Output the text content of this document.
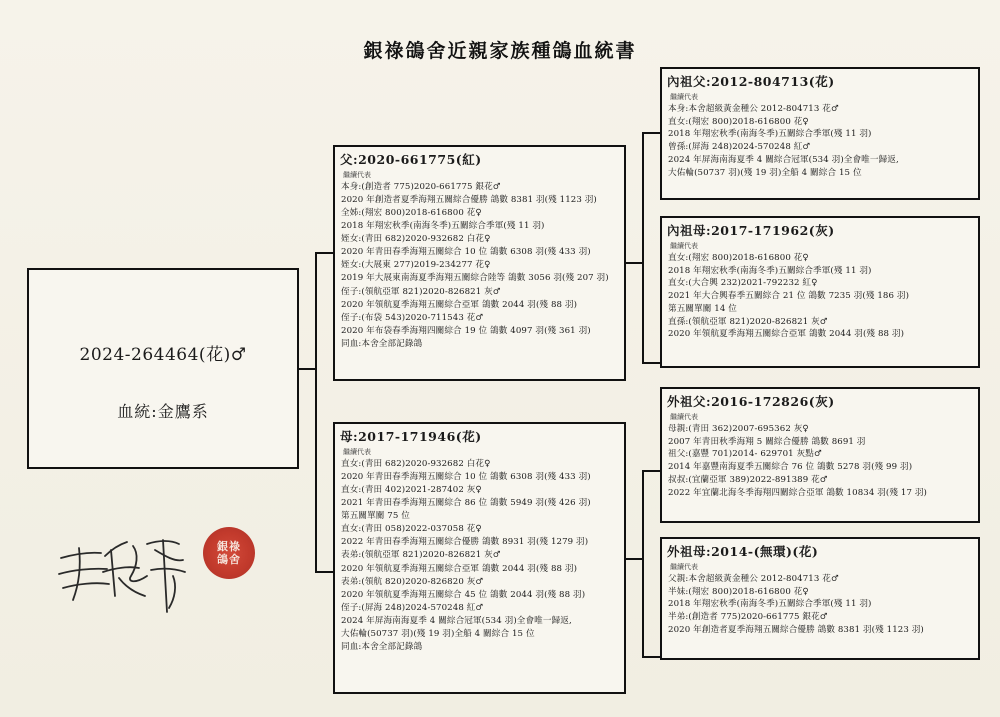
銀祿鴿舍近親家族種鴿血統書
2024-264464(花)♂
血統:金鷹系
父:2020-661775(紅)
繼續代表
本身:(創造者 775)2020-661775 銀花♂
2020 年創造者夏季海翔五關綜合優勝 鴿數 8381 羽(殘 1123 羽)
全姊:(翔宏 800)2018-616800 花♀
2018 年翔宏秋季(南海冬季)五關綜合季軍(殘 11 羽)
姪女:(青田 682)2020-932682 白花♀
2020 年青田春季海翔五關綜合 10 位 鴿數 6308 羽(殘 433 羽)
姪女:(大展東 277)2019-234277 花♀
2019 年大展東南海夏季海翔五關綜合陸等 鴿數 3056 羽(殘 207 羽)
侄子:(領航亞軍 821)2020-826821 灰♂
2020 年領航夏季海翔五關綜合亞軍 鴿數 2044 羽(殘 88 羽)
侄子:(布袋 543)2020-711543 花♂
2020 年布袋春季海翔四關綜合 19 位 鴿數 4097 羽(殘 361 羽)
同血:本舍全部記錄鴿
母:2017-171946(花)
繼續代表
直女:(青田 682)2020-932682 白花♀
2020 年青田春季海翔五關綜合 10 位 鴿數 6308 羽(殘 433 羽)
直女:(青田 402)2021-287402 灰♀
2021 年青田春季海翔五關綜合 86 位 鴿數 5949 羽(殘 426 羽)
第五關單關 75 位
直女:(青田 058)2022-037058 花♀
2022 年青田春季海翔五關綜合優勝 鴿數 8931 羽(殘 1279 羽)
表弟:(領航亞軍 821)2020-826821 灰♂
2020 年領航夏季海翔五關綜合亞軍 鴿數 2044 羽(殘 88 羽)
表弟:(領航 820)2020-826820 灰♂
2020 年領航夏季海翔五關綜合 45 位 鴿數 2044 羽(殘 88 羽)
侄子:(屏海 248)2024-570248 紅♂
2024 年屏海南海夏季 4 關綜合冠軍(534 羽)全會唯一歸返,
大佑輪(50737 羽)(殘 19 羽)全船 4 關綜合 15 位
同血:本舍全部記錄鴿
內祖父:2012-804713(花)
繼續代表
本身:本舍超級黃金種公 2012-804713 花♂
直女:(翔宏 800)2018-616800 花♀
2018 年翔宏秋季(南海冬季)五關綜合季軍(殘 11 羽)
曾孫:(屏海 248)2024-570248 紅♂
2024 年屏海南海夏季 4 關綜合冠軍(534 羽)全會唯一歸返,
大佑輪(50737 羽)(殘 19 羽)全船 4 關綜合 15 位
內祖母:2017-171962(灰)
繼續代表
直女:(翔宏 800)2018-616800 花♀
2018 年翔宏秋季(南海冬季)五關綜合季軍(殘 11 羽)
直女:(大合興 232)2021-792232 紅♀
2021 年大合興春季五關綜合 21 位 鴿數 7235 羽(殘 186 羽)
第五關單關 14 位
直孫:(領航亞軍 821)2020-826821 灰♂
2020 年領航夏季海翔五關綜合亞軍 鴿數 2044 羽(殘 88 羽)
外祖父:2016-172826(灰)
繼續代表
母親:(青田 362)2007-695362 灰♀
2007 年青田秋季海翔 5 關綜合優勝 鴿數 8691 羽
祖父:(嘉豐 701)2014- 629701 灰點♂
2014 年嘉豐南海夏季五關綜合 76 位 鴿數 5278 羽(殘 99 羽)
叔叔:(宜蘭亞軍 389)2022-891389 花♂
2022 年宜蘭北海冬季海翔四關綜合亞軍 鴿數 10834 羽(殘 17 羽)
外祖母:2014-(無環)(花)
繼續代表
父親:本舍超級黃金種公 2012-804713 花♂
半妹:(翔宏 800)2018-616800 花♀
2018 年翔宏秋季(南海冬季)五關綜合季軍(殘 11 羽)
半弟:(創造者 775)2020-661775 銀花♂
2020 年創造者夏季海翔五關綜合優勝 鴿數 8381 羽(殘 1123 羽)
銀祿鴿舍
